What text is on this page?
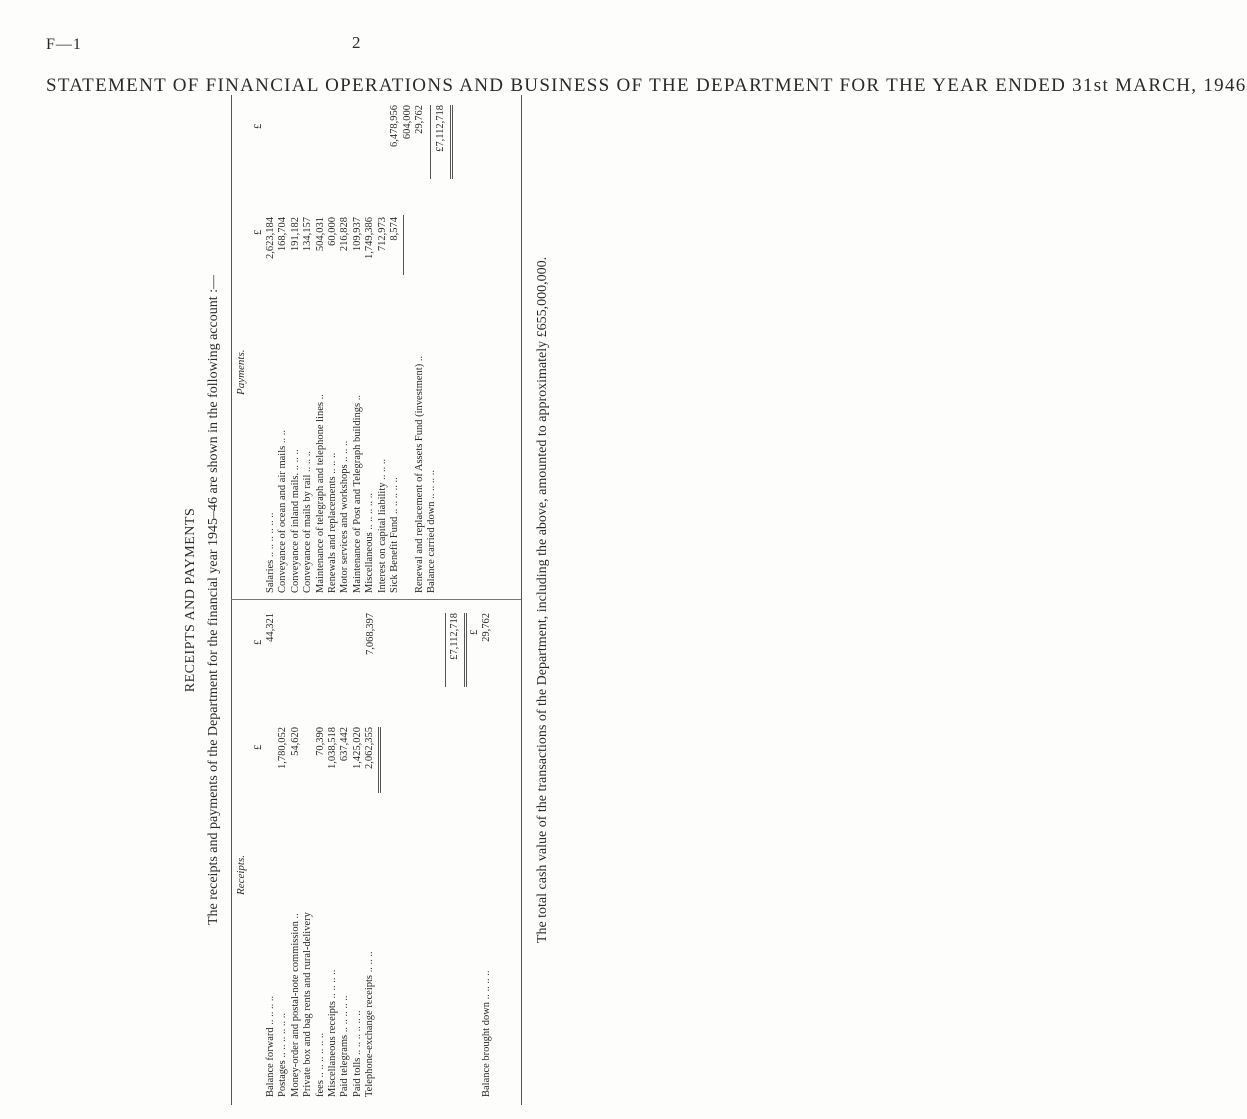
F—1	2
STATEMENT OF FINANCIAL OPERATIONS AND BUSINESS OF THE DEPARTMENT FOR THE YEAR ENDED 31st MARCH, 1946
RECEIPTS AND PAYMENTS The receipts and payments of the Department for the financial year 1945–46 are shown in the following account :— Receipts.
£
£
Balance forward .. .. .. ..
44,321
Postages .. .. .. .. .. ..
1,780,052
Money-order and postal-note commission ..
54,620
Private box and bag rents and rural-delivery fees .. .. .. .. .. ..
70,390
Miscellaneous receipts .. .. .. ..
1,038,518
Paid telegrams .. .. .. .. ..
637,442
Paid tolls .. .. .. .. .. ..
1,425,020
Telephone-exchange receipts .. .. ..
2,062,355
7,068,397	£7,112,718 £
Balance brought down .. .. .. ..
29,762
Payments.
£
£
Salaries .. .. .. .. .. ..
2,623,184
Conveyance of ocean and air mails .. ..
168,704
Conveyance of inland mails. .. .. ..
191,182
Conveyance of mails by rail .. .. ..
134,157
Maintenance of telegraph and telephone lines ..
504,031
Renewals and replacements .. .. ..
60,000
Motor services and workshops .. .. ..
216,828
Maintenance of Post and Telegraph buildings ..
109,937
Miscellaneous .. .. .. .. ..
1,749,386
Interest on capital liability .. .. ..
712,973
Sick Benefit Fund .. .. .. .. ..
8,574
6,478,956
Renewal and replacement of Assets Fund (investment) ..
604,000
Balance carried down .. .. .. ..
29,762 £7,112,718
The total cash value of the transactions of the Department, including the above, amounted to approximately £655,000,000.
